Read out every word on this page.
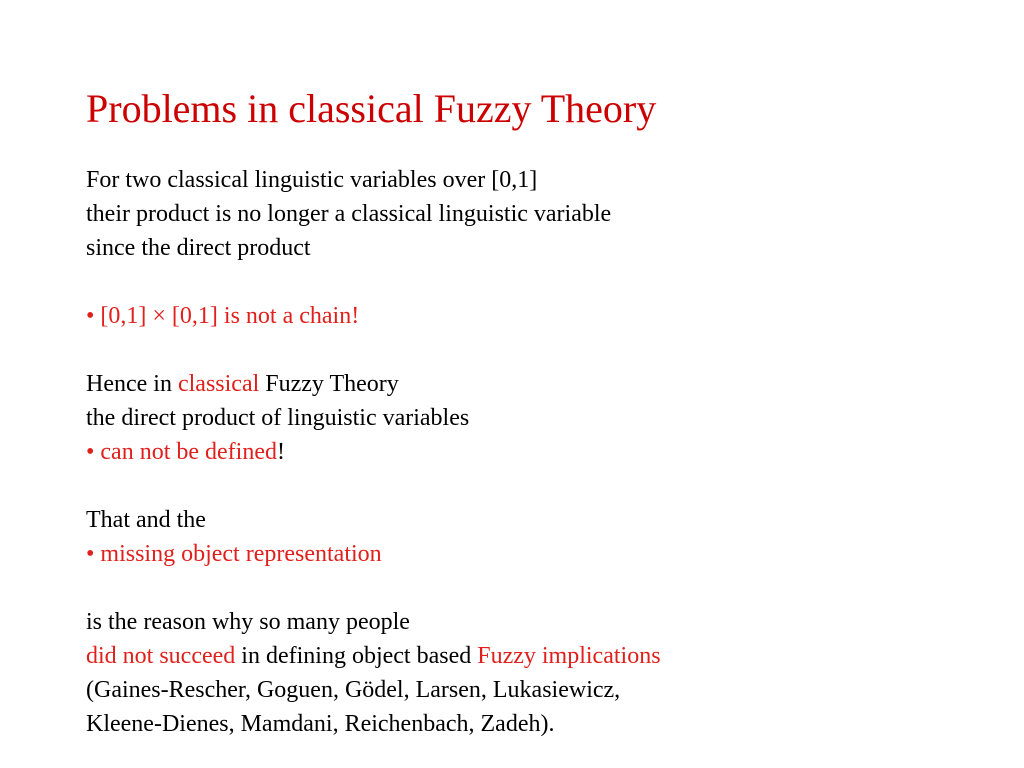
Problems in classical Fuzzy Theory
For two classical linguistic variables over [0,1]
their product is no longer a classical linguistic variable
since the direct product
• [0,1] × [0,1] is not a chain!
Hence in classical Fuzzy Theory
the direct product of linguistic variables
• can not be defined!
That and the
• missing object representation
is the reason why so many people
did not succeed in defining object based Fuzzy implications
(Gaines-Rescher, Goguen, Gödel, Larsen, Lukasiewicz,
Kleene-Dienes, Mamdani, Reichenbach, Zadeh).
